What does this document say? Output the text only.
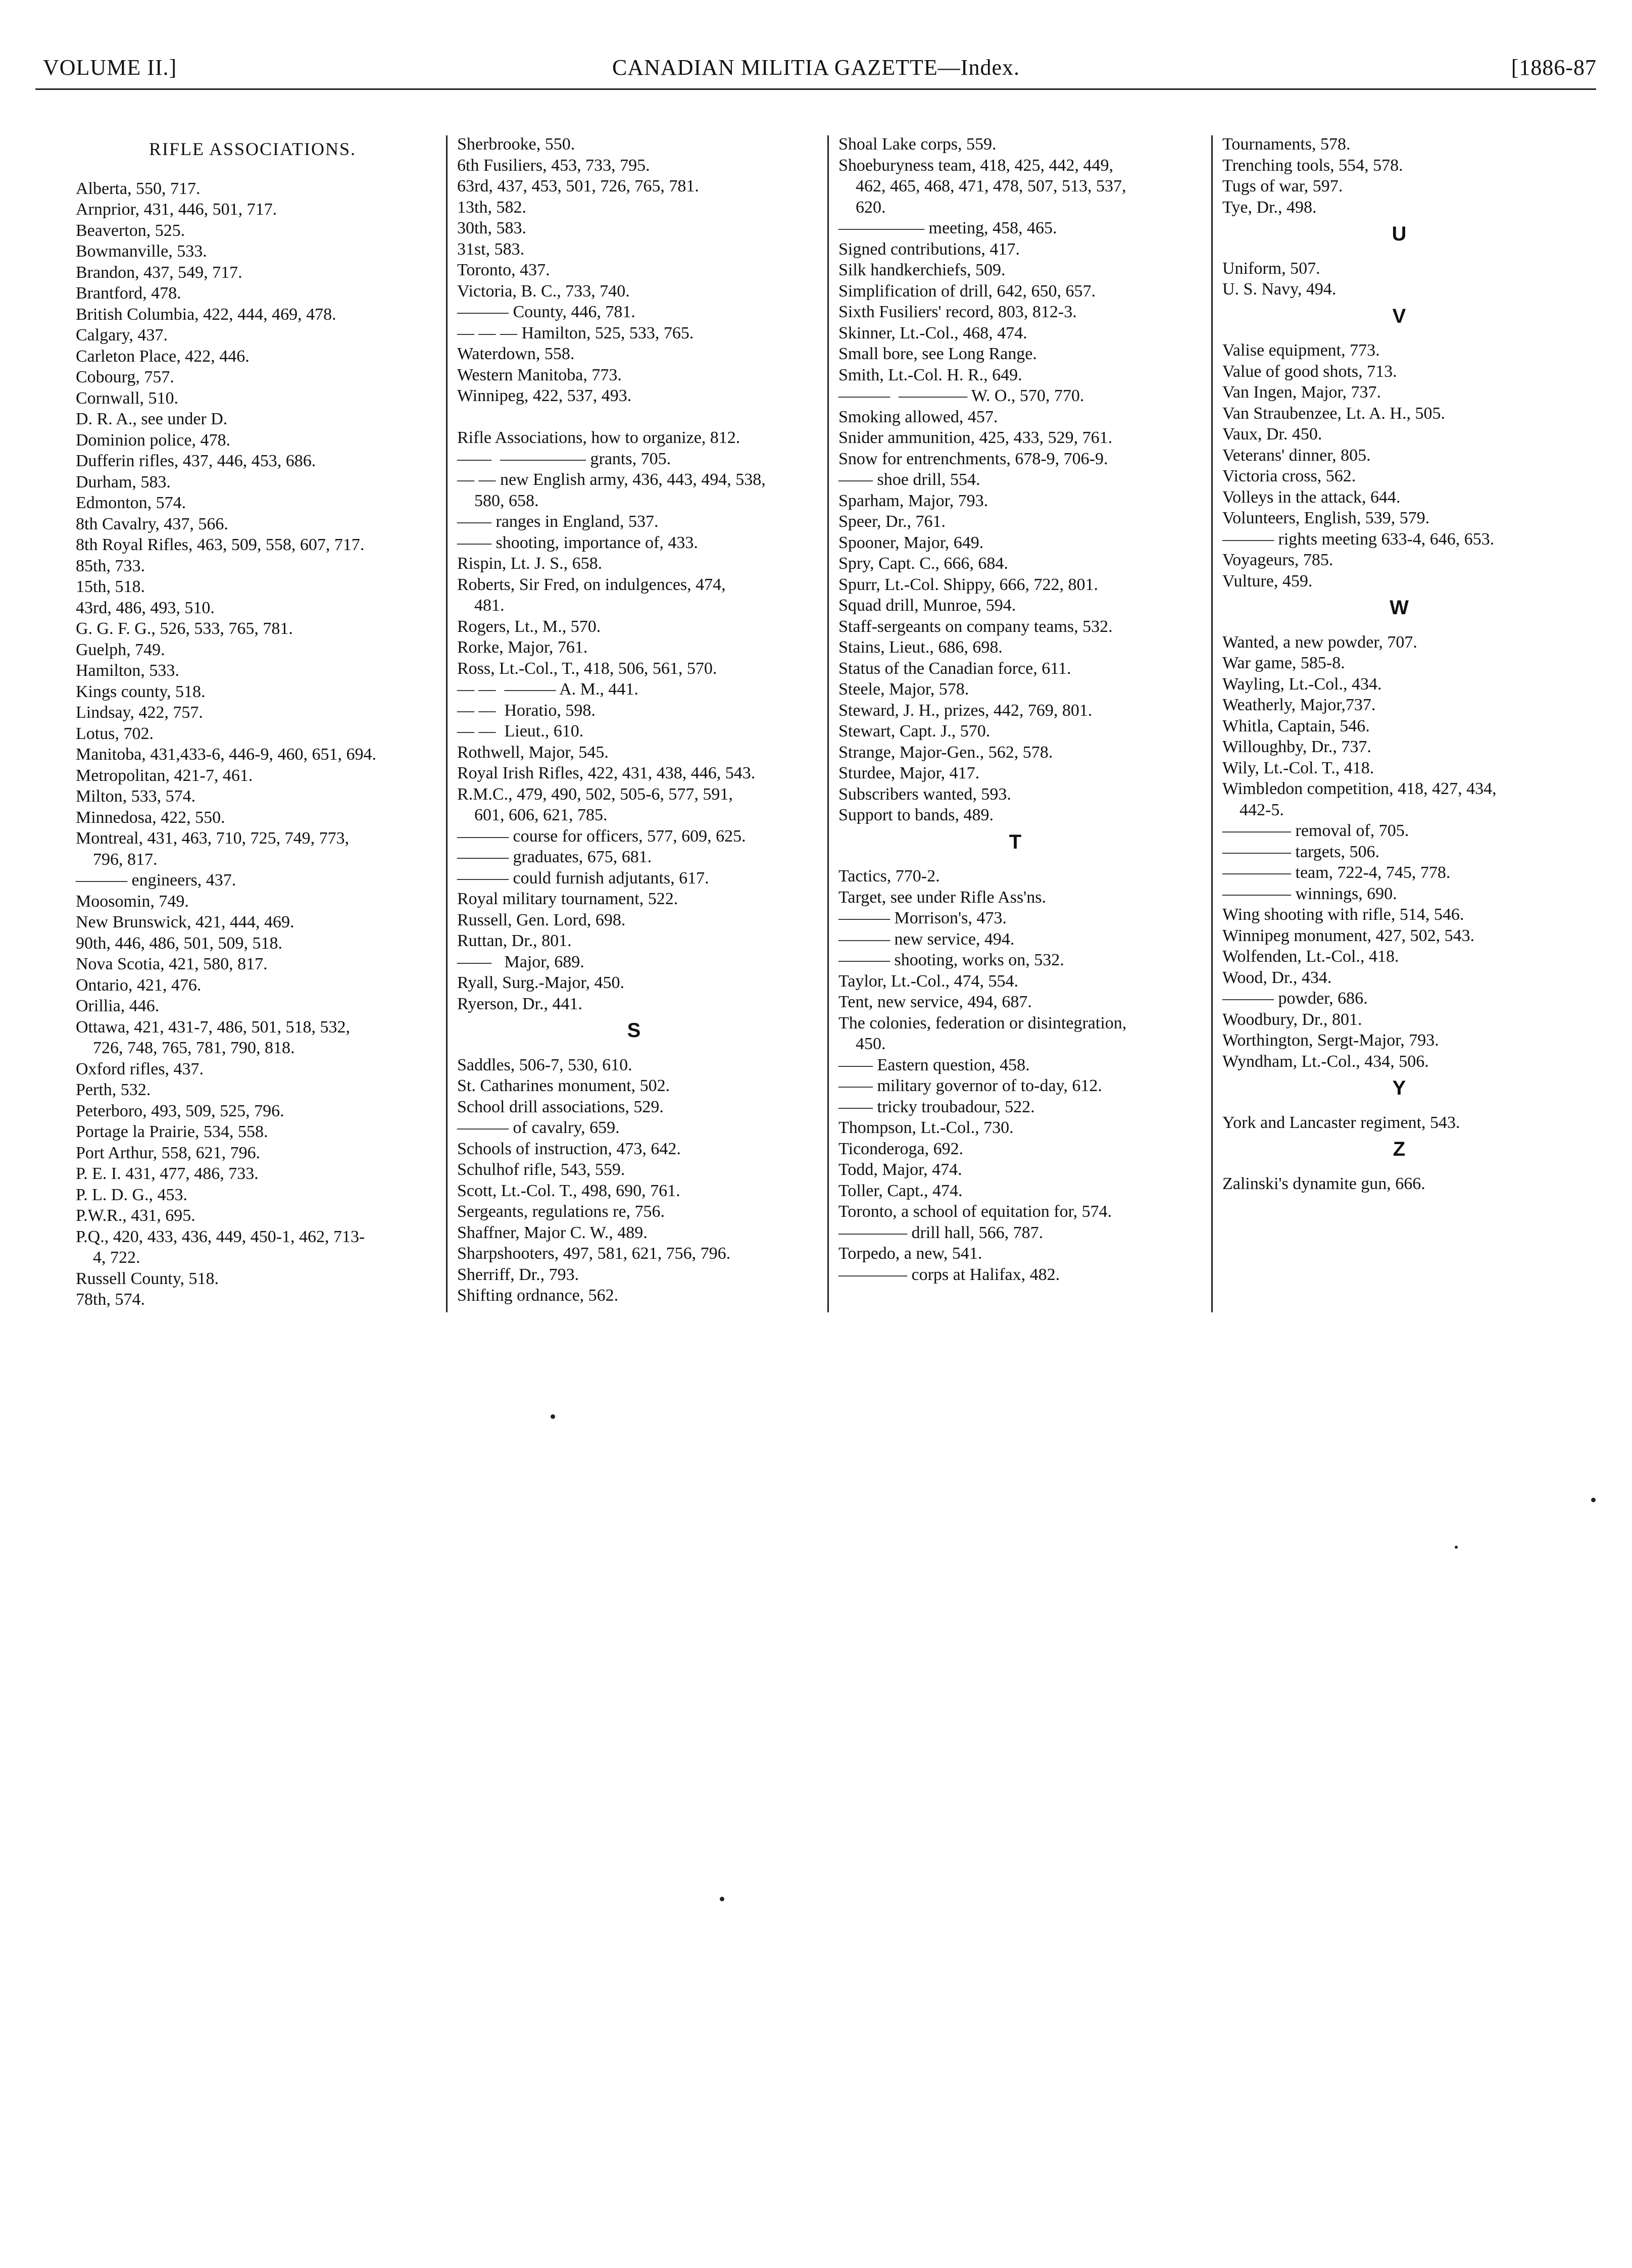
VOLUME II.]	CANADIAN MILITIA GAZETTE—Index.	[1886-87
RIFLE ASSOCIATIONS.
Alberta, 550, 717.
Arnprior, 431, 446, 501, 717.
Beaverton, 525.
Bowmanville, 533.
Brandon, 437, 549, 717.
Brantford, 478.
British Columbia, 422, 444, 469, 478.
Calgary, 437.
Carleton Place, 422, 446.
Cobourg, 757.
Cornwall, 510.
D. R. A., see under D.
Dominion police, 478.
Dufferin rifles, 437, 446, 453, 686.
Durham, 583.
Edmonton, 574.
8th Cavalry, 437, 566.
8th Royal Rifles, 463, 509, 558, 607, 717.
85th, 733.
15th, 518.
43rd, 486, 493, 510.
G. G. F. G., 526, 533, 765, 781.
Guelph, 749.
Hamilton, 533.
Kings county, 518.
Lindsay, 422, 757.
Lotus, 702.
Manitoba, 431,433-6, 446-9, 460, 651, 694.
Metropolitan, 421-7, 461.
Milton, 533, 574.
Minnedosa, 422, 550.
Montreal, 431, 463, 710, 725, 749, 773,
796, 817.
——— engineers, 437.
Moosomin, 749.
New Brunswick, 421, 444, 469.
90th, 446, 486, 501, 509, 518.
Nova Scotia, 421, 580, 817.
Ontario, 421, 476.
Orillia, 446.
Ottawa, 421, 431-7, 486, 501, 518, 532,
726, 748, 765, 781, 790, 818.
Oxford rifles, 437.
Perth, 532.
Peterboro, 493, 509, 525, 796.
Portage la Prairie, 534, 558.
Port Arthur, 558, 621, 796.
P. E. I. 431, 477, 486, 733.
P. L. D. G., 453.
P.W.R., 431, 695.
P.Q., 420, 433, 436, 449, 450-1, 462, 713-
4, 722.
Russell County, 518.
78th, 574.
Sherbrooke, 550.
6th Fusiliers, 453, 733, 795.
63rd, 437, 453, 501, 726, 765, 781.
13th, 582.
30th, 583.
31st, 583.
Toronto, 437.
Victoria, B. C., 733, 740.
——— County, 446, 781.
— — — Hamilton, 525, 533, 765.
Waterdown, 558.
Western Manitoba, 773.
Winnipeg, 422, 537, 493.
Rifle Associations, how to organize, 812.
——  ————— grants, 705.
— — new English army, 436, 443, 494, 538,
580, 658.
—— ranges in England, 537.
—— shooting, importance of, 433.
Rispin, Lt. J. S., 658.
Roberts, Sir Fred, on indulgences, 474,
481.
Rogers, Lt., M., 570.
Rorke, Major, 761.
Ross, Lt.-Col., T., 418, 506, 561, 570.
— —  ——— A. M., 441.
— —  Horatio, 598.
— —  Lieut., 610.
Rothwell, Major, 545.
Royal Irish Rifles, 422, 431, 438, 446, 543.
R.M.C., 479, 490, 502, 505-6, 577, 591,
601, 606, 621, 785.
——— course for officers, 577, 609, 625.
——— graduates, 675, 681.
——— could furnish adjutants, 617.
Royal military tournament, 522.
Russell, Gen. Lord, 698.
Ruttan, Dr., 801.
——   Major, 689.
Ryall, Surg.-Major, 450.
Ryerson, Dr., 441.
S
Saddles, 506-7, 530, 610.
St. Catharines monument, 502.
School drill associations, 529.
——— of cavalry, 659.
Schools of instruction, 473, 642.
Schulhof rifle, 543, 559.
Scott, Lt.-Col. T., 498, 690, 761.
Sergeants, regulations re, 756.
Shaffner, Major C. W., 489.
Sharpshooters, 497, 581, 621, 756, 796.
Sherriff, Dr., 793.
Shifting ordnance, 562.
Shoal Lake corps, 559.
Shoeburyness team, 418, 425, 442, 449,
462, 465, 468, 471, 478, 507, 513, 537,
620.
————— meeting, 458, 465.
Signed contributions, 417.
Silk handkerchiefs, 509.
Simplification of drill, 642, 650, 657.
Sixth Fusiliers' record, 803, 812-3.
Skinner, Lt.-Col., 468, 474.
Small bore, see Long Range.
Smith, Lt.-Col. H. R., 649.
———  ———— W. O., 570, 770.
Smoking allowed, 457.
Snider ammunition, 425, 433, 529, 761.
Snow for entrenchments, 678-9, 706-9.
—— shoe drill, 554.
Sparham, Major, 793.
Speer, Dr., 761.
Spooner, Major, 649.
Spry, Capt. C., 666, 684.
Spurr, Lt.-Col. Shippy, 666, 722, 801.
Squad drill, Munroe, 594.
Staff-sergeants on company teams, 532.
Stains, Lieut., 686, 698.
Status of the Canadian force, 611.
Steele, Major, 578.
Steward, J. H., prizes, 442, 769, 801.
Stewart, Capt. J., 570.
Strange, Major-Gen., 562, 578.
Sturdee, Major, 417.
Subscribers wanted, 593.
Support to bands, 489.
T
Tactics, 770-2.
Target, see under Rifle Ass'ns.
——— Morrison's, 473.
——— new service, 494.
——— shooting, works on, 532.
Taylor, Lt.-Col., 474, 554.
Tent, new service, 494, 687.
The colonies, federation or disintegration,
450.
—— Eastern question, 458.
—— military governor of to-day, 612.
—— tricky troubadour, 522.
Thompson, Lt.-Col., 730.
Ticonderoga, 692.
Todd, Major, 474.
Toller, Capt., 474.
Toronto, a school of equitation for, 574.
———— drill hall, 566, 787.
Torpedo, a new, 541.
———— corps at Halifax, 482.
Tournaments, 578.
Trenching tools, 554, 578.
Tugs of war, 597.
Tye, Dr., 498.
U
Uniform, 507.
U. S. Navy, 494.
V
Valise equipment, 773.
Value of good shots, 713.
Van Ingen, Major, 737.
Van Straubenzee, Lt. A. H., 505.
Vaux, Dr. 450.
Veterans' dinner, 805.
Victoria cross, 562.
Volleys in the attack, 644.
Volunteers, English, 539, 579.
——— rights meeting 633-4, 646, 653.
Voyageurs, 785.
Vulture, 459.
W
Wanted, a new powder, 707.
War game, 585-8.
Wayling, Lt.-Col., 434.
Weatherly, Major,737.
Whitla, Captain, 546.
Willoughby, Dr., 737.
Wily, Lt.-Col. T., 418.
Wimbledon competition, 418, 427, 434,
442-5.
———— removal of, 705.
———— targets, 506.
———— team, 722-4, 745, 778.
———— winnings, 690.
Wing shooting with rifle, 514, 546.
Winnipeg monument, 427, 502, 543.
Wolfenden, Lt.-Col., 418.
Wood, Dr., 434.
——— powder, 686.
Woodbury, Dr., 801.
Worthington, Sergt-Major, 793.
Wyndham, Lt.-Col., 434, 506.
Y
York and Lancaster regiment, 543.
Z
Zalinski's dynamite gun, 666.
